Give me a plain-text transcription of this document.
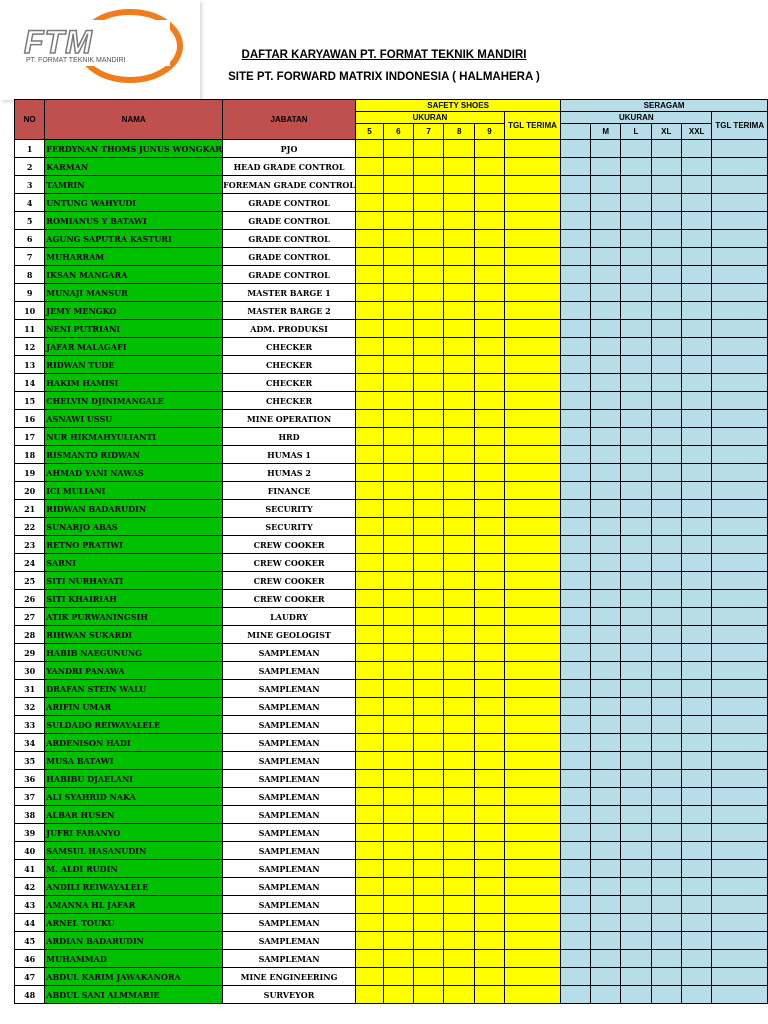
FTM
PT. FORMAT TEKNIK MANDIRI	DAFTAR KARYAWAN PT. FORMAT TEKNIK MANDIRI
SITE PT. FORWARD MATRIX INDONESIA ( HALMAHERA )
NO	NAMA	JABATAN	SAFETY SHOES						SERAGAM					
			UKURAN					TGL TERIMA	UKURAN					TGL TERIMA
			5	6	7	8	9			M	L	XL	XXL	
1	FERDYNAN THOMS JUNUS WONGKAR	PJO												
2	KARMAN	HEAD GRADE CONTROL												
3	TAMRIN	FOREMAN GRADE CONTROL												
4	UNTUNG WAHYUDI	GRADE CONTROL												
5	ROMIANUS Y BATAWI	GRADE CONTROL												
6	AGUNG SAPUTRA KASTURI	GRADE CONTROL												
7	MUHARRAM	GRADE CONTROL												
8	IKSAN MANGARA	GRADE CONTROL												
9	MUNAJI MANSUR	MASTER BARGE 1												
10	JEMY MENGKO	MASTER BARGE 2												
11	NENI PUTRIANI	ADM. PRODUKSI												
12	JAFAR MALAGAFI	CHECKER												
13	RIDWAN TUDE	CHECKER												
14	HAKIM HAMISI	CHECKER												
15	CHELVIN DJINIMANGALE	CHECKER												
16	ASNAWI USSU	MINE OPERATION												
17	NUR HIKMAHYULIANTI	HRD												
18	RISMANTO RIDWAN	HUMAS 1												
19	AHMAD YANI NAWAS	HUMAS 2												
20	ICI MULIANI	FINANCE												
21	RIDWAN BADARUDIN	SECURITY												
22	SUNARJO ABAS	SECURITY												
23	RETNO PRATIWI	CREW COOKER												
24	SARNI	CREW COOKER												
25	SITI NURHAYATI	CREW COOKER												
26	SITI KHAIRIAH	CREW COOKER												
27	ATIK PURWANINGSIH	LAUDRY												
28	RIHWAN SUKARDI	MINE GEOLOGIST												
29	HABIB NAEGUNUNG	SAMPLEMAN												
30	YANDRI PANAWA	SAMPLEMAN												
31	DRAFAN STEIN WALU	SAMPLEMAN												
32	ARIFIN UMAR	SAMPLEMAN												
33	SULDADO REIWAYALELE	SAMPLEMAN												
34	ARDENISON HADI	SAMPLEMAN												
35	MUSA BATAWI	SAMPLEMAN												
36	HABIBU DJAELANI	SAMPLEMAN												
37	ALI SYAHRID NAKA	SAMPLEMAN												
38	ALBAR HUSEN	SAMPLEMAN												
39	JUFRI FABANYO	SAMPLEMAN												
40	SAMSUL HASANUDIN	SAMPLEMAN												
41	M. ALDI RUDIN	SAMPLEMAN												
42	ANDILI REIWAYALELE	SAMPLEMAN												
43	AMANNA HL JAFAR	SAMPLEMAN												
44	ARNEL TOUKU	SAMPLEMAN												
45	ARDIAN BADARUDIN	SAMPLEMAN												
46	MUHAMMAD	SAMPLEMAN												
47	ABDUL KARIM JAWAKANORA	MINE ENGINEERING												
48	ABDUL SANI ALMMARIE	SURVEYOR												
